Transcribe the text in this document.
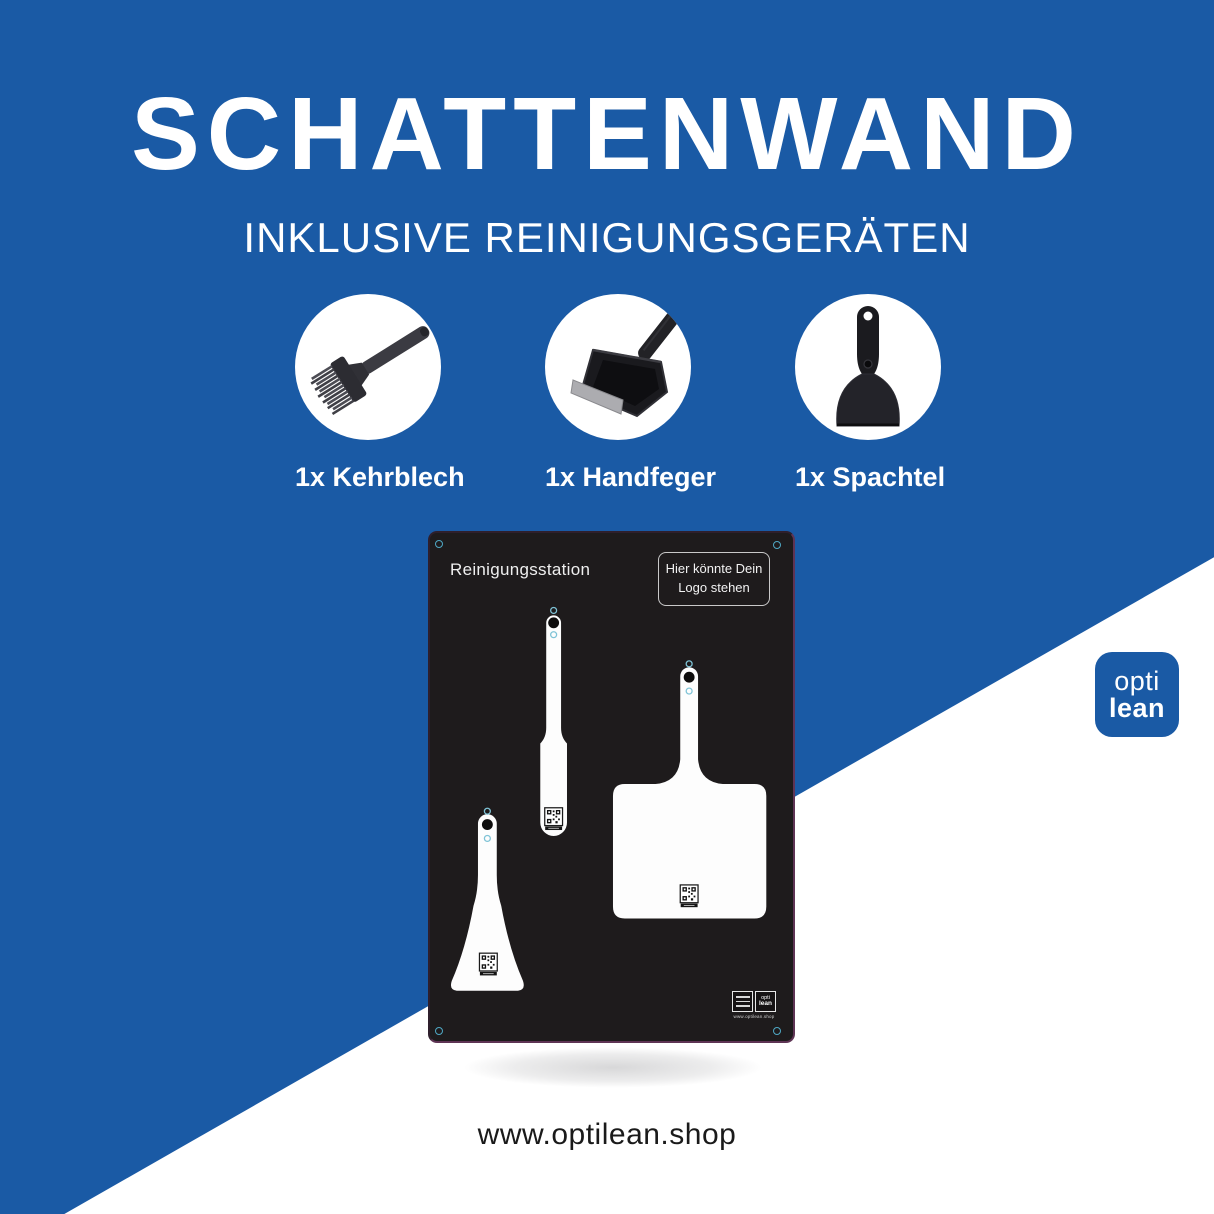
SCHATTENWAND
INKLUSIVE REINIGUNGSGERÄTEN
1x Kehrblech	1x Handfeger	1x Spachtel
Reinigungsstation	Hier könnte Dein
Logo stehen
opti
lean
www.optilean.shop
opti
lean
www.optilean.shop
